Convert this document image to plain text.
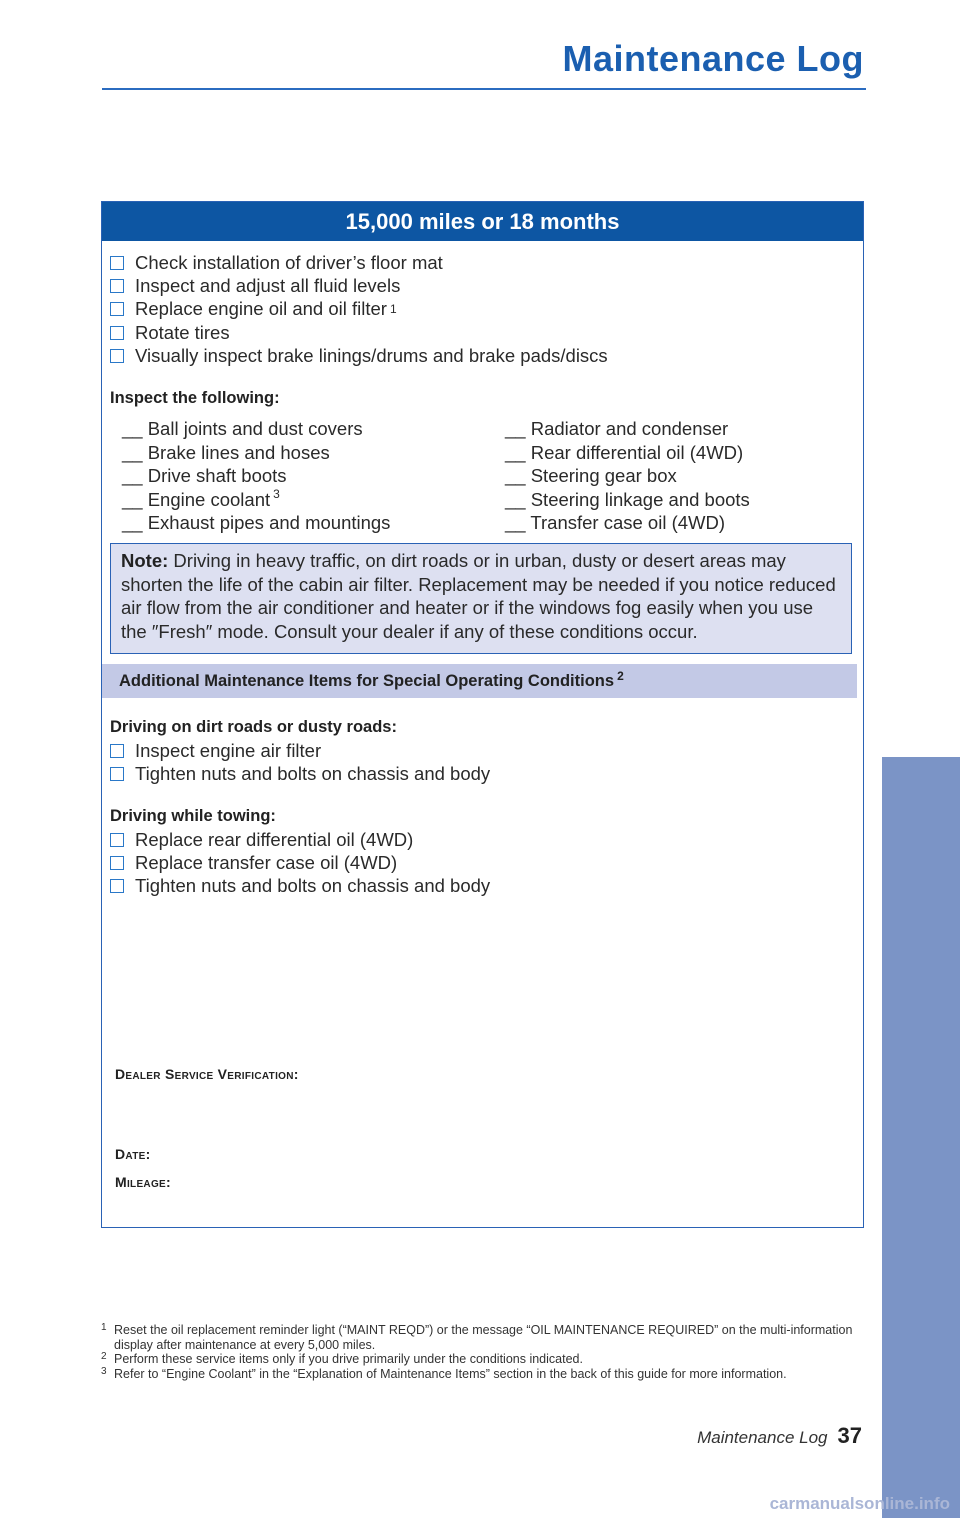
Maintenance Log
15,000 miles or 18 months
Check installation of driver’s floor mat
Inspect and adjust all fluid levels
Replace engine oil and oil filter 1
Rotate tires
Visually inspect brake linings/drums and brake pads/discs
Inspect the following:
__ Ball joints and dust covers
__ Brake lines and hoses
__ Drive shaft boots
__ Engine coolant $^3$
__ Exhaust pipes and mountings
__ Radiator and condenser
__ Rear differential oil (4WD)
__ Steering gear box
__ Steering linkage and boots
__ Transfer case oil (4WD)
Note: Driving in heavy traffic, on dirt roads or in urban, dusty or desert areas may shorten the life of the cabin air filter. Replacement may be needed if you notice reduced air flow from the air conditioner and heater or if the windows fog easily when you use the ″Fresh″ mode. Consult your dealer if any of these conditions occur.
Additional Maintenance Items for Special Operating Conditions $^2$
Driving on dirt roads or dusty roads:
Inspect engine air filter
Tighten nuts and bolts on chassis and body
Driving while towing:
Replace rear differential oil (4WD)
Replace transfer case oil (4WD)
Tighten nuts and bolts on chassis and body
Dealer Service Verification:
Date:
Mileage:
1 Reset the oil replacement reminder light (“MAINT REQD”) or the message “OIL MAINTENANCE REQUIRED” on the multi-information display after maintenance at every 5,000 miles.
2 Perform these service items only if you drive primarily under the conditions indicated.
3 Refer to “Engine Coolant” in the “Explanation of Maintenance Items” section in the back of this guide for more information.
Maintenance Log 37
MAINTENANCE
carmanualsonline.info
